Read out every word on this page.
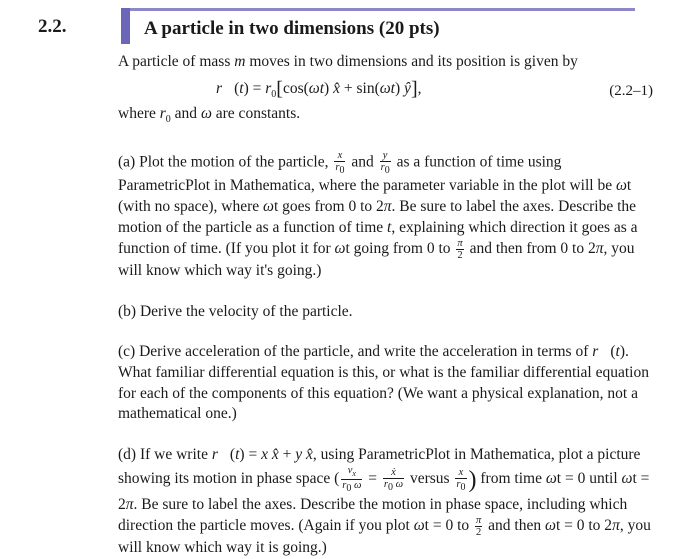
2.2.	A particle in two dimensions (20 pts)

A particle of mass m moves in two dimensions and its position is given by

r⃗(t) = $r_0[\cos(\omega t)$ x̂ + sin(ωt) ŷ],	(2.2–1)

where $r_0$ and ω are constants.

(a) Plot the motion of the particle, $\frac{x}{r_0}$ and $\frac{y}{r_0}$ as a function of time using ParametricPlot in Mathematica, where the parameter variable in the plot will be ωt (with no space), where ωt goes from 0 to 2π. Be sure to label the axes. Describe the motion of the particle as a function of time t, explaining which direction it goes as a function of time. (If you plot it for ωt going from 0 to $\frac{\pi}{2}$ and then from 0 to 2π, you will know which way it's going.)

(b) Derive the velocity of the particle.

(c) Derive acceleration of the particle, and write the acceleration in terms of r⃗(t). What familiar differential equation is this, or what is the familiar differential equation for each of the components of this equation? (We want a physical explanation, not a mathematical one.)

(d) If we write r⃗(t) = x x̂ + y x̂, using ParametricPlot in Mathematica, plot a picture showing its motion in phase space ( $\frac{v_x}{r_0 \omega} = \frac{\text{ẋ}}{r_0 \omega}$ versus $\frac{x}{r_0}$ ) from time ωt = 0 until ωt = 2π. Be sure to label the axes. Describe the motion in phase space, including which direction the particle moves. (Again if you plot ωt = 0 to $\frac{\pi}{2}$ and then ωt = 0 to 2π, you will know which way it is going.)
